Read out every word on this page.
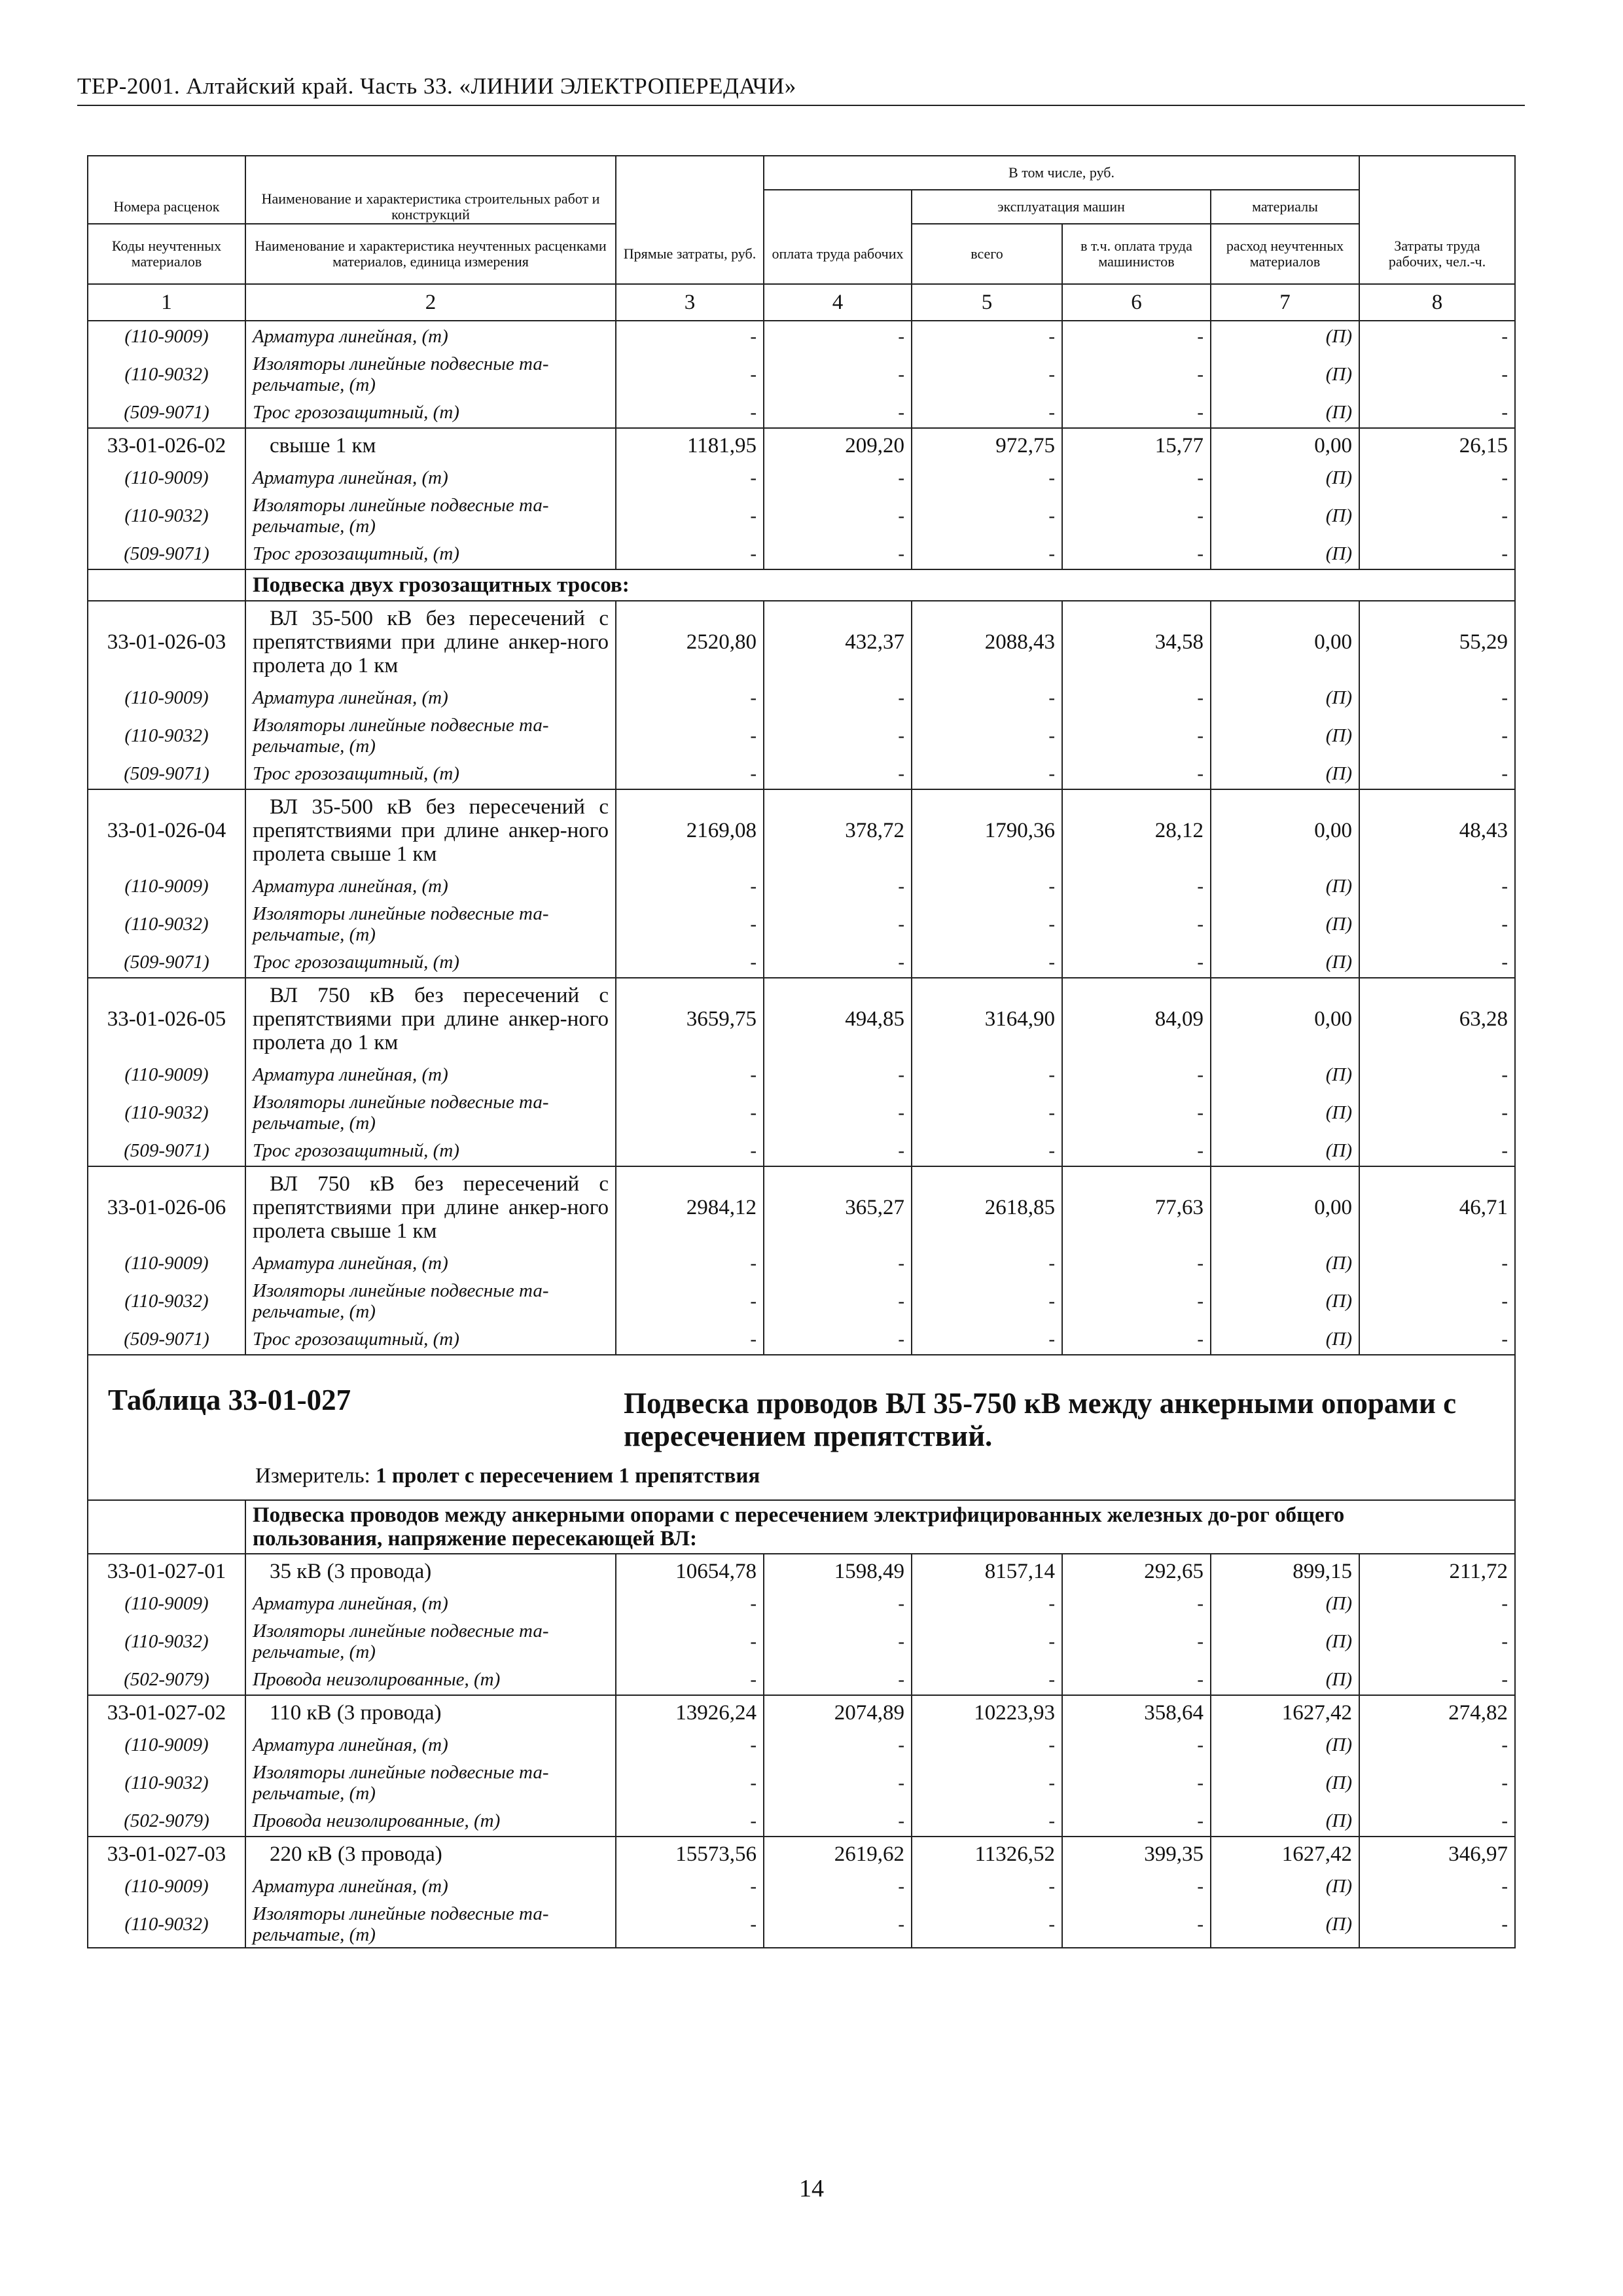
ТЕР-2001. Алтайский край. Часть 33. «ЛИНИИ ЭЛЕКТРОПЕРЕДАЧИ»
			В том числе, руб.				
Номера расценок	Наименование и характеристика строительных работ и конструкций			эксплуатация машин		материалы	
Коды неучтенных материалов	Наименование и характеристика неучтенных расценками материалов, единица измерения	Прямые затраты, руб.	оплата труда рабочих	всего	в т.ч. оплата труда машинистов	расход неучтенных материалов	Затраты труда рабочих, чел.-ч.
1	2	3	4	5	6	7	8
(110-9009)	Арматура линейная, (т)	-	-	-	-	(П)	-
(110-9032)	Изоляторы линейные подвесные та-рельчатые, (т)	-	-	-	-	(П)	-
(509-9071)	Трос грозозащитный, (т)	-	-	-	-	(П)	-
33-01-026-02	свыше 1 км	1181,95	209,20	972,75	15,77	0,00	26,15
(110-9009)	Арматура линейная, (т)	-	-	-	-	(П)	-
(110-9032)	Изоляторы линейные подвесные та-рельчатые, (т)	-	-	-	-	(П)	-
(509-9071)	Трос грозозащитный, (т)	-	-	-	-	(П)	-
	Подвеска двух грозозащитных тросов:						
33-01-026-03	ВЛ 35-500 кВ без пересечений с препятствиями при длине анкер-ного пролета до 1 км	2520,80	432,37	2088,43	34,58	0,00	55,29
(110-9009)	Арматура линейная, (т)	-	-	-	-	(П)	-
(110-9032)	Изоляторы линейные подвесные та-рельчатые, (т)	-	-	-	-	(П)	-
(509-9071)	Трос грозозащитный, (т)	-	-	-	-	(П)	-
33-01-026-04	ВЛ 35-500 кВ без пересечений с препятствиями при длине анкер-ного пролета свыше 1 км	2169,08	378,72	1790,36	28,12	0,00	48,43
(110-9009)	Арматура линейная, (т)	-	-	-	-	(П)	-
(110-9032)	Изоляторы линейные подвесные та-рельчатые, (т)	-	-	-	-	(П)	-
(509-9071)	Трос грозозащитный, (т)	-	-	-	-	(П)	-
33-01-026-05	ВЛ 750 кВ без пересечений с препятствиями при длине анкер-ного пролета до 1 км	3659,75	494,85	3164,90	84,09	0,00	63,28
(110-9009)	Арматура линейная, (т)	-	-	-	-	(П)	-
(110-9032)	Изоляторы линейные подвесные та-рельчатые, (т)	-	-	-	-	(П)	-
(509-9071)	Трос грозозащитный, (т)	-	-	-	-	(П)	-
33-01-026-06	ВЛ 750 кВ без пересечений с препятствиями при длине анкер-ного пролета свыше 1 км	2984,12	365,27	2618,85	77,63	0,00	46,71
(110-9009)	Арматура линейная, (т)	-	-	-	-	(П)	-
(110-9032)	Изоляторы линейные подвесные та-рельчатые, (т)	-	-	-	-	(П)	-
(509-9071)	Трос грозозащитный, (т)	-	-	-	-	(П)	-

Таблица 33-01-027 Подвеска проводов ВЛ 35-750 кВ между анкерными опорами с пересечением препятствий.
Измеритель: 1 пролет с пересечением 1 препятствия							

	Подвеска проводов между анкерными опорами с пересечением электрифицированных железных до-рог общего пользования, напряжение пересекающей ВЛ:						
33-01-027-01	35 кВ (3 провода)	10654,78	1598,49	8157,14	292,65	899,15	211,72
(110-9009)	Арматура линейная, (т)	-	-	-	-	(П)	-
(110-9032)	Изоляторы линейные подвесные та-рельчатые, (т)	-	-	-	-	(П)	-
(502-9079)	Провода неизолированные, (т)	-	-	-	-	(П)	-
33-01-027-02	110 кВ (3 провода)	13926,24	2074,89	10223,93	358,64	1627,42	274,82
(110-9009)	Арматура линейная, (т)	-	-	-	-	(П)	-
(110-9032)	Изоляторы линейные подвесные та-рельчатые, (т)	-	-	-	-	(П)	-
(502-9079)	Провода неизолированные, (т)	-	-	-	-	(П)	-
33-01-027-03	220 кВ (3 провода)	15573,56	2619,62	11326,52	399,35	1627,42	346,97
(110-9009)	Арматура линейная, (т)	-	-	-	-	(П)	-
(110-9032)	Изоляторы линейные подвесные та-рельчатые, (т)	-	-	-	-	(П)	-
14
